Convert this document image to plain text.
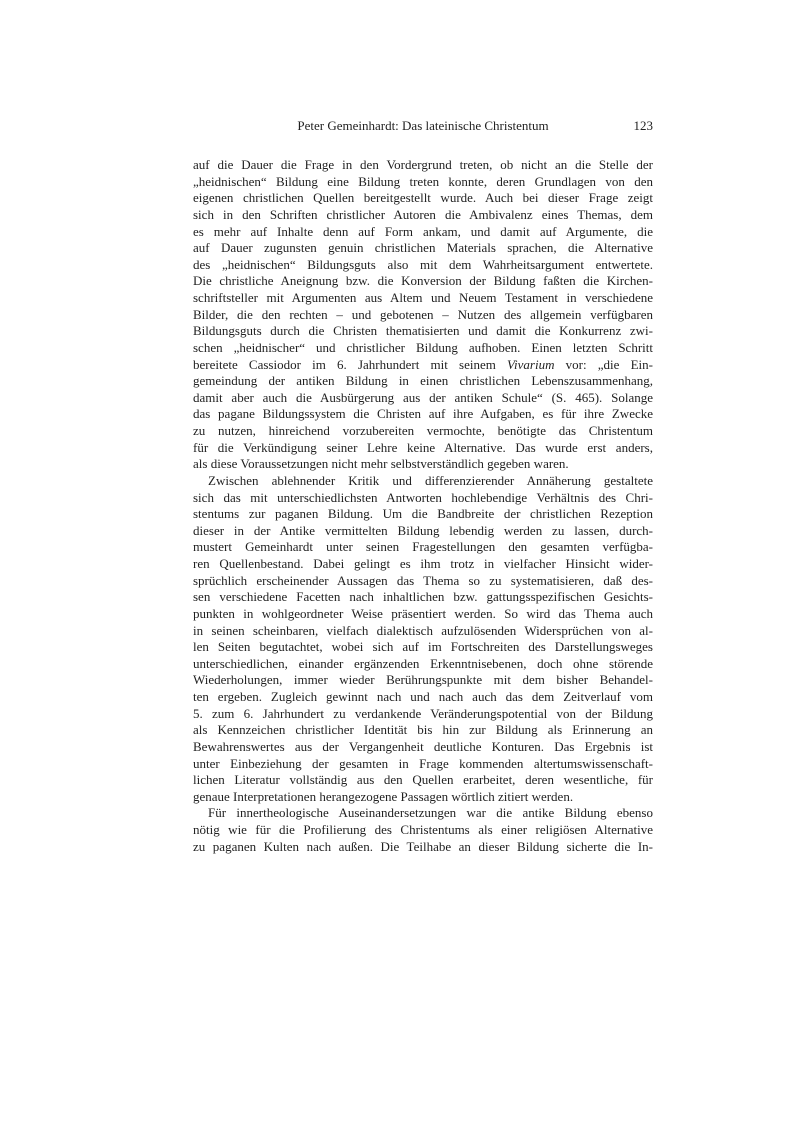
Peter Gemeinhardt: Das lateinische Christentum	123
auf die Dauer die Frage in den Vordergrund treten, ob nicht an die Stelle der
„heidnischen“ Bildung eine Bildung treten konnte, deren Grundlagen von den
eigenen christlichen Quellen bereitgestellt wurde. Auch bei dieser Frage zeigt
sich in den Schriften christlicher Autoren die Ambivalenz eines Themas, dem
es mehr auf Inhalte denn auf Form ankam, und damit auf Argumente, die
auf Dauer zugunsten genuin christlichen Materials sprachen, die Alternative
des „heidnischen“ Bildungsguts also mit dem Wahrheitsargument entwertete.
Die christliche Aneignung bzw. die Konversion der Bildung faßten die Kirchen-
schriftsteller mit Argumenten aus Altem und Neuem Testament in verschiedene
Bilder, die den rechten – und gebotenen – Nutzen des allgemein verfügbaren
Bildungsguts durch die Christen thematisierten und damit die Konkurrenz zwi-
schen „heidnischer“ und christlicher Bildung aufhoben. Einen letzten Schritt
bereitete Cassiodor im 6. Jahrhundert mit seinem Vivarium vor: „die Ein-
gemeindung der antiken Bildung in einen christlichen Lebenszusammenhang,
damit aber auch die Ausbürgerung aus der antiken Schule“ (S. 465). Solange
das pagane Bildungssystem die Christen auf ihre Aufgaben, es für ihre Zwecke
zu nutzen, hinreichend vorzubereiten vermochte, benötigte das Christentum
für die Verkündigung seiner Lehre keine Alternative. Das wurde erst anders,
als diese Voraussetzungen nicht mehr selbstverständlich gegeben waren.
Zwischen ablehnender Kritik und differenzierender Annäherung gestaltete
sich das mit unterschiedlichsten Antworten hochlebendige Verhältnis des Chri-
stentums zur paganen Bildung. Um die Bandbreite der christlichen Rezeption
dieser in der Antike vermittelten Bildung lebendig werden zu lassen, durch-
mustert Gemeinhardt unter seinen Fragestellungen den gesamten verfügba-
ren Quellenbestand. Dabei gelingt es ihm trotz in vielfacher Hinsicht wider-
sprüchlich erscheinender Aussagen das Thema so zu systematisieren, daß des-
sen verschiedene Facetten nach inhaltlichen bzw. gattungsspezifischen Gesichts-
punkten in wohlgeordneter Weise präsentiert werden. So wird das Thema auch
in seinen scheinbaren, vielfach dialektisch aufzulösenden Widersprüchen von al-
len Seiten begutachtet, wobei sich auf im Fortschreiten des Darstellungsweges
unterschiedlichen, einander ergänzenden Erkenntnisebenen, doch ohne störende
Wiederholungen, immer wieder Berührungspunkte mit dem bisher Behandel-
ten ergeben. Zugleich gewinnt nach und nach auch das dem Zeitverlauf vom
5. zum 6. Jahrhundert zu verdankende Veränderungspotential von der Bildung
als Kennzeichen christlicher Identität bis hin zur Bildung als Erinnerung an
Bewahrenswertes aus der Vergangenheit deutliche Konturen. Das Ergebnis ist
unter Einbeziehung der gesamten in Frage kommenden altertumswissenschaft-
lichen Literatur vollständig aus den Quellen erarbeitet, deren wesentliche, für
genaue Interpretationen herangezogene Passagen wörtlich zitiert werden.
Für innertheologische Auseinandersetzungen war die antike Bildung ebenso
nötig wie für die Profilierung des Christentums als einer religiösen Alternative
zu paganen Kulten nach außen. Die Teilhabe an dieser Bildung sicherte die In-
